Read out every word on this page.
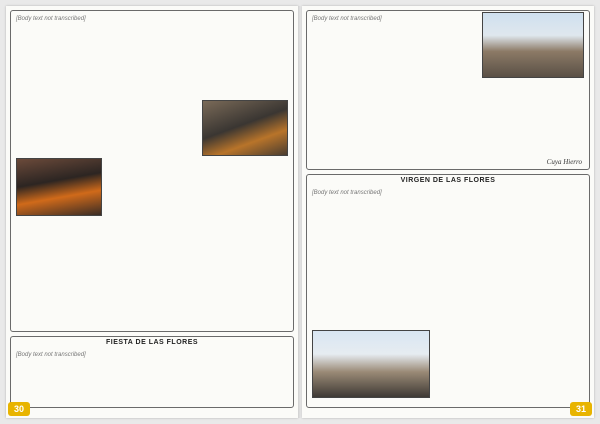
[Body text not transcribed]
FIESTA DE LAS FLORES
[Body text not transcribed]
30
[Body text not transcribed]
Cuya Hierro
VIRGEN DE LAS FLORES
[Body text not transcribed]
31
